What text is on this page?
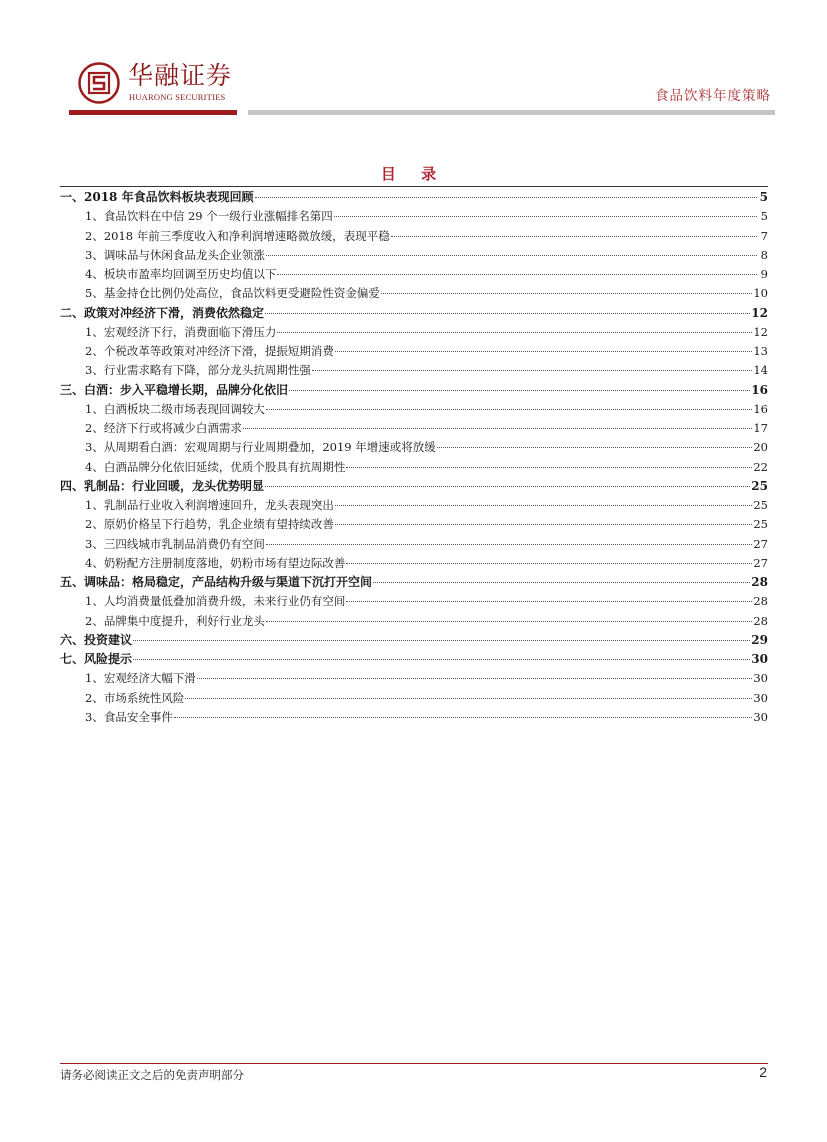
华融证券
HUARONG SECURITIES	食品饮料年度策略
目 录
一、2018 年食品饮料板块表现回顾	5
1、食品饮料在中信 29 个一级行业涨幅排名第四	5
2、2018 年前三季度收入和净利润增速略微放缓，表现平稳	7
3、调味品与休闲食品龙头企业领涨	8
4、板块市盈率均回调至历史均值以下	9
5、基金持仓比例仍处高位，食品饮料更受避险性资金偏爱	10
二、政策对冲经济下滑，消费依然稳定	12
1、宏观经济下行，消费面临下滑压力	12
2、个税改革等政策对冲经济下滑，提振短期消费	13
3、行业需求略有下降，部分龙头抗周期性强	14
三、白酒：步入平稳增长期，品牌分化依旧	16
1、白酒板块二级市场表现回调较大	16
2、经济下行或将减少白酒需求	17
3、从周期看白酒：宏观周期与行业周期叠加，2019 年增速或将放缓	20
4、白酒品牌分化依旧延续，优质个股具有抗周期性	22
四、乳制品：行业回暖，龙头优势明显	25
1、乳制品行业收入利润增速回升，龙头表现突出	25
2、原奶价格呈下行趋势，乳企业绩有望持续改善	25
3、三四线城市乳制品消费仍有空间	27
4、奶粉配方注册制度落地，奶粉市场有望边际改善	27
五、调味品：格局稳定，产品结构升级与渠道下沉打开空间	28
1、人均消费量低叠加消费升级，未来行业仍有空间	28
2、品牌集中度提升，利好行业龙头	28
六、投资建议	29
七、风险提示	30
1、宏观经济大幅下滑	30
2、市场系统性风险	30
3、食品安全事件	30
请务必阅读正文之后的免责声明部分	2
